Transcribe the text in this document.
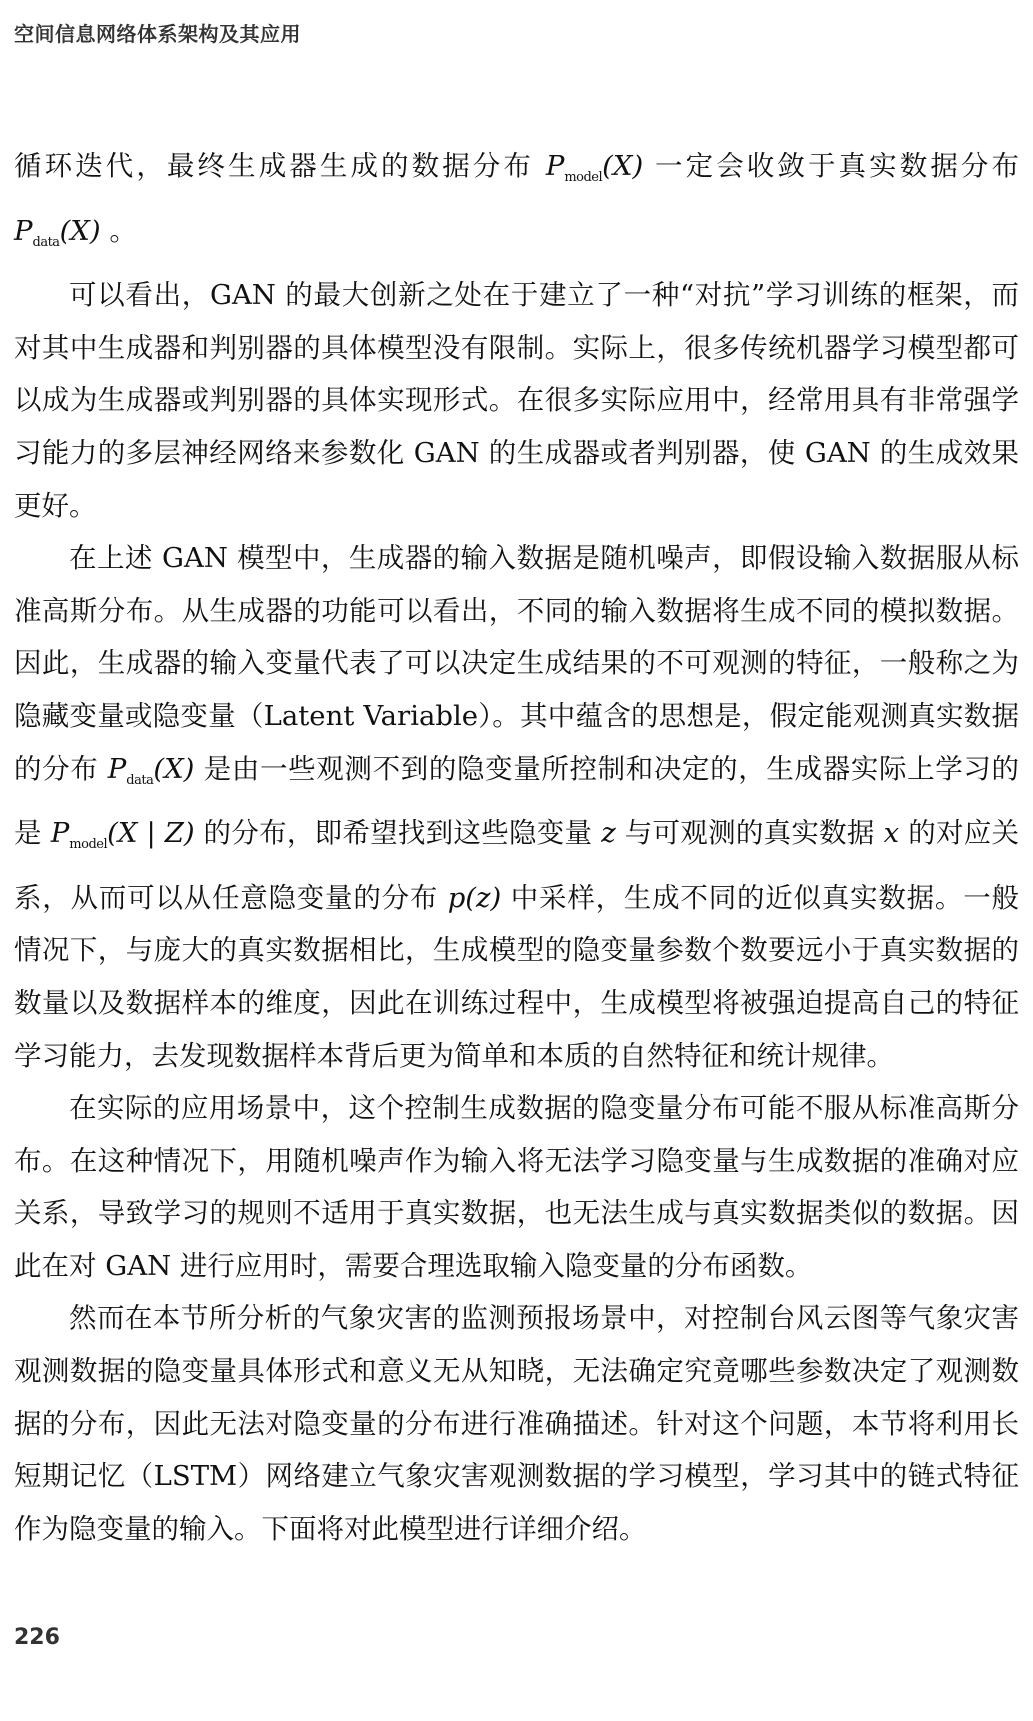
空间信息网络体系架构及其应用

循环迭代，最终生成器生成的数据分布 $P_{model}(X)$ 一定会收敛于真实数据分布 $P_{data}(X)$ 。

可以看出，GAN 的最大创新之处在于建立了一种“对抗”学习训练的框架，而对其中生成器和判别器的具体模型没有限制。实际上，很多传统机器学习模型都可以成为生成器或判别器的具体实现形式。在很多实际应用中，经常用具有非常强学习能力的多层神经网络来参数化 GAN 的生成器或者判别器，使 GAN 的生成效果更好。

在上述 GAN 模型中，生成器的输入数据是随机噪声，即假设输入数据服从标准高斯分布。从生成器的功能可以看出，不同的输入数据将生成不同的模拟数据。因此，生成器的输入变量代表了可以决定生成结果的不可观测的特征，一般称之为隐藏变量或隐变量（Latent Variable）。其中蕴含的思想是，假定能观测真实数据的分布 $P_{data}(X)$ 是由一些观测不到的隐变量所控制和决定的，生成器实际上学习的是 $P_{model}(X$ | Z) 的分布，即希望找到这些隐变量 z 与可观测的真实数据 x 的对应关系，从而可以从任意隐变量的分布 p(z) 中采样，生成不同的近似真实数据。一般情况下，与庞大的真实数据相比，生成模型的隐变量参数个数要远小于真实数据的数量以及数据样本的维度，因此在训练过程中，生成模型将被强迫提高自己的特征学习能力，去发现数据样本背后更为简单和本质的自然特征和统计规律。

在实际的应用场景中，这个控制生成数据的隐变量分布可能不服从标准高斯分布。在这种情况下，用随机噪声作为输入将无法学习隐变量与生成数据的准确对应关系，导致学习的规则不适用于真实数据，也无法生成与真实数据类似的数据。因此在对 GAN 进行应用时，需要合理选取输入隐变量的分布函数。

然而在本节所分析的气象灾害的监测预报场景中，对控制台风云图等气象灾害观测数据的隐变量具体形式和意义无从知晓，无法确定究竟哪些参数决定了观测数据的分布，因此无法对隐变量的分布进行准确描述。针对这个问题，本节将利用长短期记忆（LSTM）网络建立气象灾害观测数据的学习模型，学习其中的链式特征作为隐变量的输入。下面将对此模型进行详细介绍。

226
